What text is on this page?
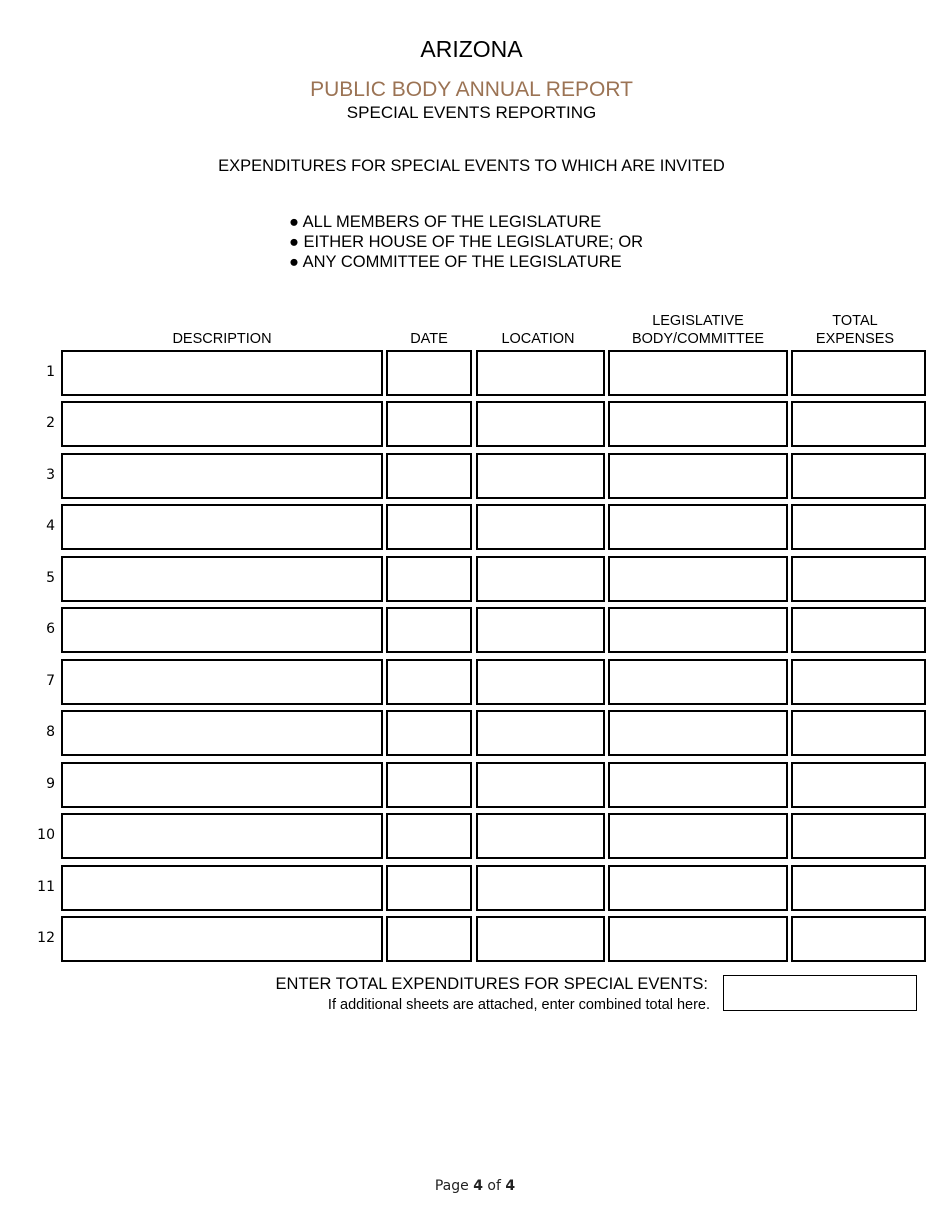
ARIZONA
PUBLIC BODY ANNUAL REPORT
SPECIAL EVENTS REPORTING
EXPENDITURES FOR SPECIAL EVENTS TO WHICH ARE INVITED
● ALL MEMBERS OF THE LEGISLATURE
● EITHER HOUSE OF THE LEGISLATURE; OR
● ANY COMMITTEE OF THE LEGISLATURE
DESCRIPTION	DATE	LOCATION
LEGISLATIVE
BODY/COMMITTEE
TOTAL
EXPENSES
1
2
3
4
5
6
7
8
9
10
11
12
ENTER TOTAL EXPENDITURES FOR SPECIAL EVENTS:
If additional sheets are attached, enter combined total here.
Page 4 of 4
